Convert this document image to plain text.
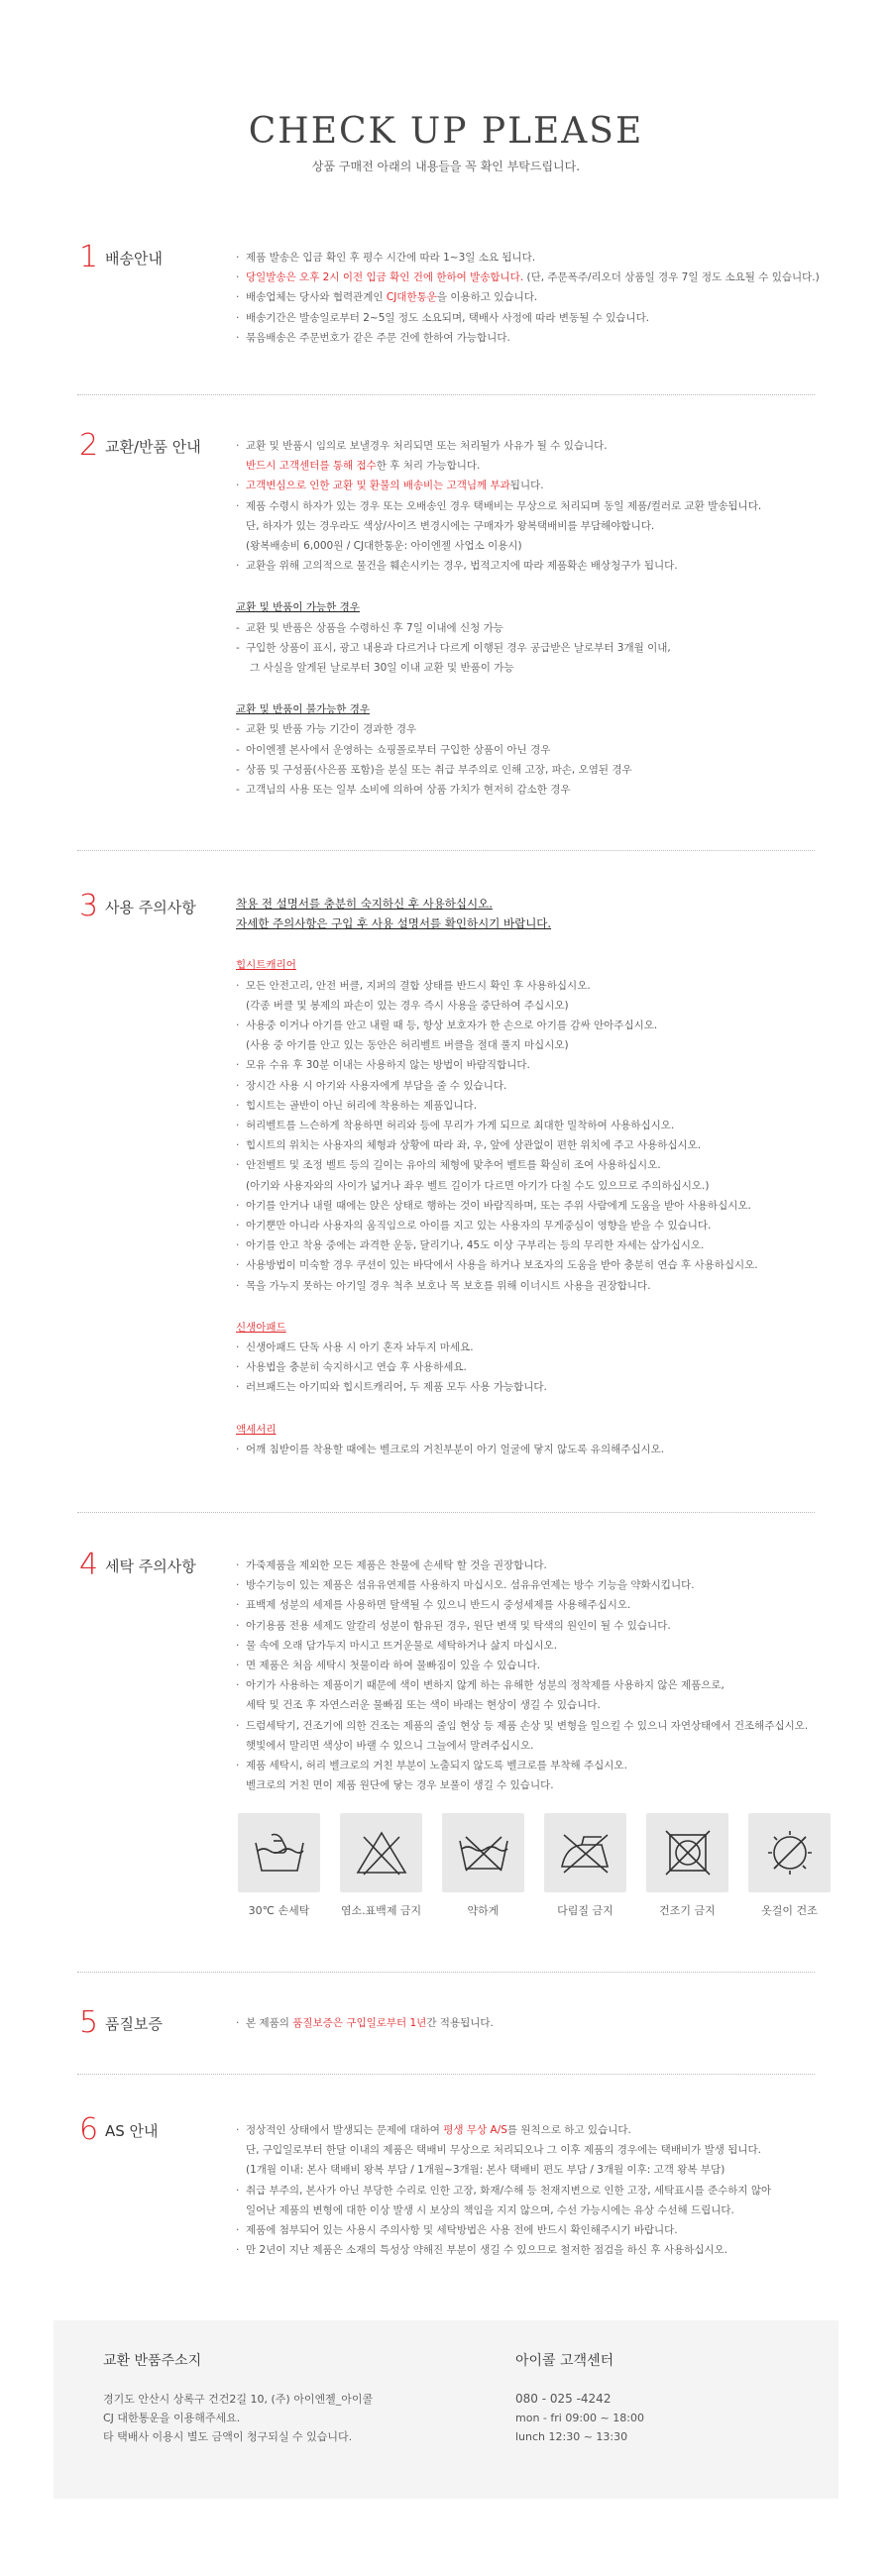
CHECK UP PLEASE

상품 구매전 아래의 내용들을 꼭 확인 부탁드립니다.

1 배송안내	· 제품 발송은 입금 확인 후 평수 시간에 따라 1~3일 소요 됩니다.
· 당일발송은 오후 2시 이전 입금 확인 건에 한하여 발송합니다. (단, 주문폭주/리오더 상품일 경우 7일 정도 소요될 수 있습니다.)
· 배송업체는 당사와 협력관계인 CJ대한통운을 이용하고 있습니다.
· 배송기간은 발송일로부터 2~5일 정도 소요되며, 택배사 사정에 따라 변동될 수 있습니다.
· 묶음배송은 주문번호가 같은 주문 건에 한하여 가능합니다.
2 교환/반품 안내	· 교환 및 반품시 임의로 보낼경우 처리되면 또는 처리될가 사유가 될 수 있습니다.
반드시 고객센터를 통해 접수한 후 처리 가능합니다.
· 고객변심으로 인한 교환 및 환불의 배송비는 고객님께 부과됩니다.
· 제품 수령시 하자가 있는 경우 또는 오배송인 경우 택배비는 무상으로 처리되며 동일 제품/컬러로 교환 발송됩니다.
단, 하자가 있는 경우라도 색상/사이즈 변경시에는 구매자가 왕복택배비를 부담해야합니다.
(왕복배송비 6,000원 / CJ대한통운: 아이엔젤 사업소 이용시)
· 교환을 위해 고의적으로 물건을 훼손시키는 경우, 법적고지에 따라 제품확손 배상청구가 됩니다.
교환 및 반품이 가능한 경우
- 교환 및 반품은 상품을 수령하신 후 7일 이내에 신청 가능
- 구입한 상품이 표시, 광고 내용과 다르거나 다르게 이행된 경우 공급받은 날로부터 3개월 이내,
그 사실을 알게된 날로부터 30일 이내 교환 및 반품이 가능
교환 및 반품이 불가능한 경우
- 교환 및 반품 가능 기간이 경과한 경우
- 아이엔젤 본사에서 운영하는 쇼핑몰로부터 구입한 상품이 아닌 경우
- 상품 및 구성품(사은품 포함)을 분실 또는 취급 부주의로 인해 고장, 파손, 오염된 경우
- 고객님의 사용 또는 일부 소비에 의하여 상품 가치가 현저히 감소한 경우
3 사용 주의사항	착용 전 설명서를 충분히 숙지하신 후 사용하십시오.
자세한 주의사항은 구입 후 사용 설명서를 확인하시기 바랍니다.
힙시트캐리어
· 모든 안전고리, 안전 버클, 지퍼의 결합 상태를 반드시 확인 후 사용하십시오.
(각종 버클 및 봉제의 파손이 있는 경우 즉시 사용을 중단하여 주십시오)
· 사용중 이거나 아기를 안고 내릴 때 등, 항상 보호자가 한 손으로 아기를 감싸 안아주십시오.
(사용 중 아기를 안고 있는 동안은 허리벨트 버클을 절대 풀지 마십시오)
· 모유 수유 후 30분 이내는 사용하지 않는 방법이 바람직합니다.
· 장시간 사용 시 아기와 사용자에게 부담을 줄 수 있습니다.
· 힙시트는 골반이 아닌 허리에 착용하는 제품입니다.
· 허리벨트를 느슨하게 착용하면 허리와 등에 무리가 가게 되므로 최대한 밀착하여 사용하십시오.
· 힙시트의 위치는 사용자의 체형과 상황에 따라 좌, 우, 앞에 상관없이 편한 위치에 주고 사용하십시오.
· 안전벨트 및 조정 벨트 등의 길이는 유아의 체형에 맞추어 벨트를 확실히 조여 사용하십시오.
(아기와 사용자와의 사이가 넓거나 좌우 벨트 길이가 다르면 아기가 다칠 수도 있으므로 주의하십시오.)
· 아기를 안거나 내릴 때에는 앉은 상태로 행하는 것이 바람직하며, 또는 주위 사람에게 도움을 받아 사용하십시오.
· 아기뿐만 아니라 사용자의 움직임으로 아이를 지고 있는 사용자의 무게중심이 영향을 받을 수 있습니다.
· 아기를 안고 착용 중에는 과격한 운동, 달리기나, 45도 이상 구부리는 등의 무리한 자세는 삼가십시오.
· 사용방법이 미숙할 경우 쿠션이 있는 바닥에서 사용을 하거나 보조자의 도움을 받아 충분히 연습 후 사용하십시오.
· 목을 가누지 못하는 아기일 경우 척추 보호나 목 보호를 위해 이너시트 사용을 권장합니다.
신생아패드
· 신생아패드 단독 사용 시 아기 혼자 놔두지 마세요.
· 사용법을 충분히 숙지하시고 연습 후 사용하세요.
· 러브패드는 아기띠와 힙시트캐리어, 두 제품 모두 사용 가능합니다.
액세서리
· 어깨 침받이를 착용할 때에는 벨크로의 거친부분이 아기 얼굴에 닿지 않도록 유의해주십시오.
4 세탁 주의사항	· 가죽제품을 제외한 모든 제품은 찬물에 손세탁 할 것을 권장합니다.
· 방수기능이 있는 제품은 섬유유연제를 사용하지 마십시오. 섬유유연제는 방수 기능을 약화시킵니다.
· 표백제 성분의 세제를 사용하면 탈색될 수 있으니 반드시 중성세제를 사용해주십시오.
· 아기용품 전용 세제도 알칼리 성분이 함유된 경우, 원단 변색 및 탁색의 원인이 될 수 있습니다.
· 물 속에 오래 담가두지 마시고 뜨거운물로 세탁하거나 삶지 마십시오.
· 면 제품은 처음 세탁시 첫물이라 하여 물빠짐이 있을 수 있습니다.
· 아기가 사용하는 제품이기 때문에 색이 변하지 않게 하는 유해한 성분의 정착제를 사용하지 않은 제품으로,
세탁 및 건조 후 자연스러운 물빠짐 또는 색이 바래는 현상이 생길 수 있습니다.
· 드럼세탁기, 건조기에 의한 건조는 제품의 줄임 현상 등 제품 손상 및 변형을 일으킬 수 있으니 자연상태에서 건조해주십시오.
햇빛에서 말리면 색상이 바랠 수 있으니 그늘에서 말려주십시오.
· 제품 세탁시, 허리 벨크로의 거친 부분이 노출되지 않도록 벨크로를 부착해 주십시오.
벨크로의 거친 면이 제품 원단에 닿는 경우 보풀이 생길 수 있습니다.
30℃ 손세탁	염소.표백제 금지	약하게	다림질 금지	건조기 금지	옷걸이 건조
5 품질보증	· 본 제품의 품질보증은 구입일로부터 1년간 적용됩니다.
6 AS 안내	· 정상적인 상태에서 발생되는 문제에 대하여 평생 무상 A/S를 원칙으로 하고 있습니다.
단, 구입일로부터 한달 이내의 제품은 택배비 무상으로 처리되오나 그 이후 제품의 경우에는 택배비가 발생 됩니다.
(1개월 이내: 본사 택배비 왕복 부담 / 1개월~3개월: 본사 택배비 편도 부담 / 3개월 이후: 고객 왕복 부담)
· 취급 부주의, 본사가 아닌 부당한 수리로 인한 고장, 화재/수해 등 천재지변으로 인한 고장, 세탁표시를 준수하지 않아
일어난 제품의 변형에 대한 이상 발생 시 보상의 책임을 지지 않으며, 수선 가능시에는 유상 수선해 드립니다.
· 제품에 첨부되어 있는 사용시 주의사항 및 세탁방법은 사용 전에 반드시 확인해주시기 바랍니다.
· 만 2년이 지난 제품은 소재의 특성상 약해진 부분이 생길 수 있으므로 철저한 점검을 하신 후 사용하십시오.
교환 반품주소지
경기도 안산시 상록구 건건2길 10, (주) 아이엔젤_아이콜
CJ 대한통운을 이용해주세요.
타 택배사 이용시 별도 금액이 청구되실 수 있습니다.
아이콜 고객센터
080 - 025 -4242
mon - fri 09:00 ~ 18:00
lunch 12:30 ~ 13:30
